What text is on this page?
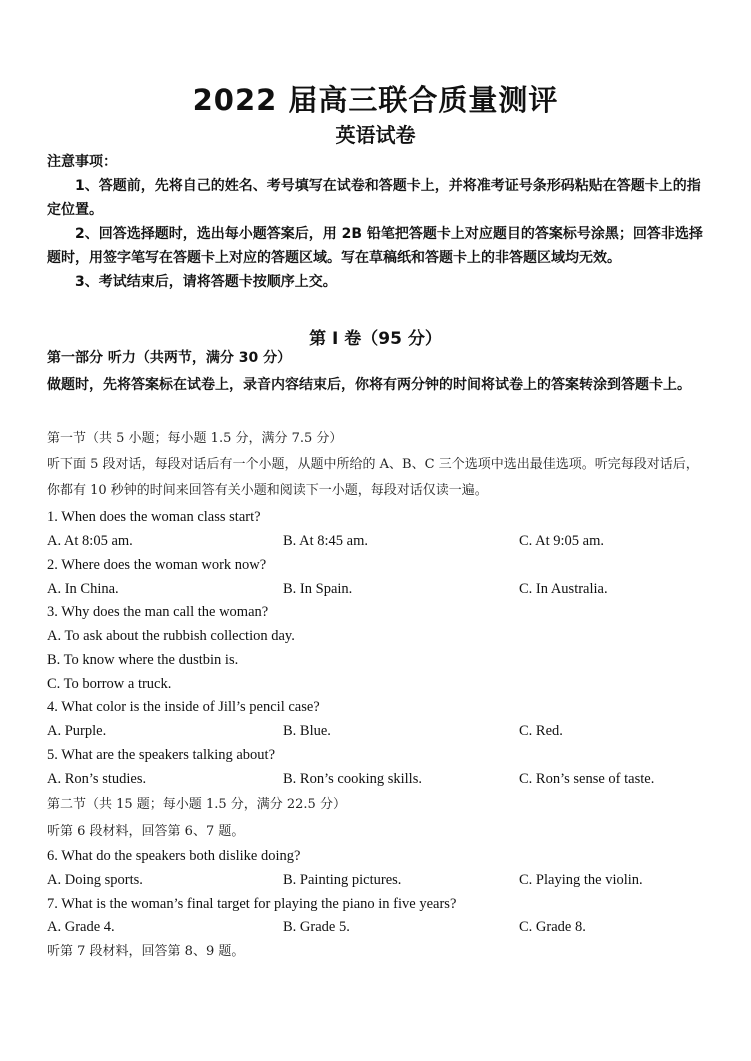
2022 届高三联合质量测评
英语试卷
注意事项：

1、答题前，先将自己的姓名、考号填写在试卷和答题卡上，并将准考证号条形码粘贴在答题卡上的指定位置。

2、回答选择题时，选出每小题答案后，用 2B 铅笔把答题卡上对应题目的答案标号涂黑；回答非选择题时，用签字笔写在答题卡上对应的答题区域。写在草稿纸和答题卡上的非答题区域均无效。

3、考试结束后，请将答题卡按顺序上交。

第 I 卷（95 分）
第一部分 听力（共两节，满分 30 分）
做题时，先将答案标在试卷上，录音内容结束后，你将有两分钟的时间将试卷上的答案转涂到答题卡上。
第一节（共 5 小题；每小题 1.5 分，满分 7.5 分）
听下面 5 段对话，每段对话后有一个小题，从题中所给的 A、B、C 三个选项中选出最佳选项。听完每段对话后，你都有 10 秒钟的时间来回答有关小题和阅读下一小题，每段对话仅读一遍。
1. When does the woman class start?
A. At 8:05 am.	B. At 8:45 am.	C. At 9:05 am.
2. Where does the woman work now?
A. In China.	B. In Spain.	C. In Australia.
3. Why does the man call the woman?
A. To ask about the rubbish collection day.
B. To know where the dustbin is.
C. To borrow a truck.
4. What color is the inside of Jill’s pencil case?
A. Purple.	B. Blue.	C. Red.
5. What are the speakers talking about?
A. Ron’s studies.	B. Ron’s cooking skills.	C. Ron’s sense of taste.
第二节（共 15 题；每小题 1.5 分，满分 22.5 分）
听第 6 段材料，回答第 6、7 题。
6. What do the speakers both dislike doing?
A. Doing sports.	B. Painting pictures.	C. Playing the violin.
7. What is the woman’s final target for playing the piano in five years?
A. Grade 4.	B. Grade 5.	C. Grade 8.
听第 7 段材料，回答第 8、9 题。
